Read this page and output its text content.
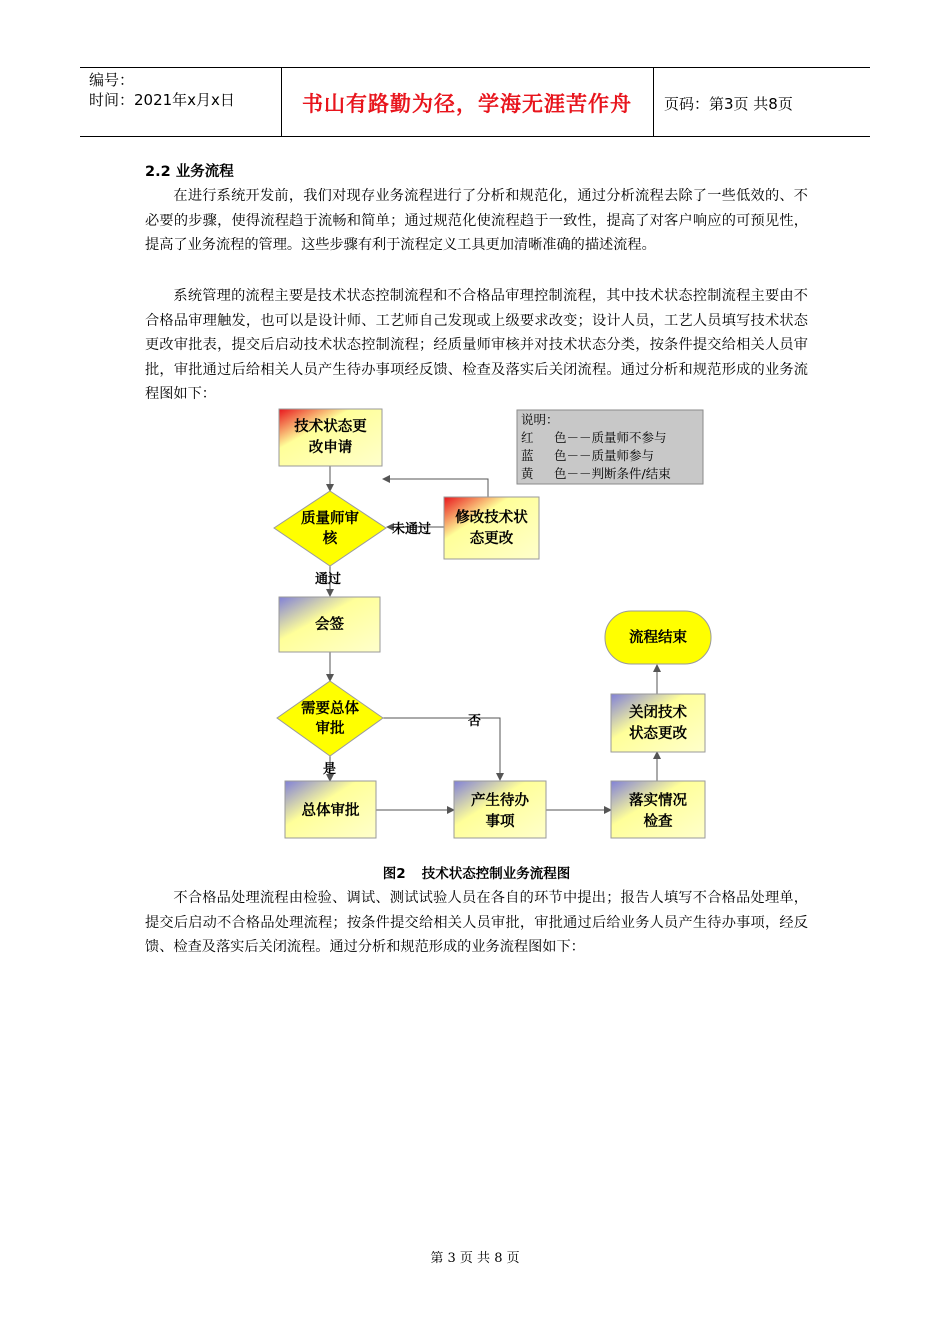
编号：
时间：2021年x月x日	书山有路勤为径，学海无涯苦作舟	页码：第3页 共8页
2.2 业务流程

在进行系统开发前，我们对现存业务流程进行了分析和规范化，通过分析流程去除了一些低效的、不必要的步骤，使得流程趋于流畅和简单；通过规范化使流程趋于一致性，提高了对客户响应的可预见性，提高了业务流程的管理。这些步骤有利于流程定义工具更加清晰准确的描述流程。

系统管理的流程主要是技术状态控制流程和不合格品审理控制流程，其中技术状态控制流程主要由不合格品审理触发，也可以是设计师、工艺师自己发现或上级要求改变；设计人员，工艺人员填写技术状态更改审批表，提交后启动技术状态控制流程；经质量师审核并对技术状态分类，按条件提交给相关人员审批，审批通过后给相关人员产生待办事项经反馈、检查及落实后关闭流程。通过分析和规范形成的业务流程图如下：

说明：
红 色－－质量师不参与
蓝 色－－质量师参与
黄 色－－判断条件/结束
未通过
通过
否
是
技术状态更
改申请
质量师审
核
修改技术状
态更改
会签
需要总体
审批
总体审批
产生待办
事项
落实情况
检查
关闭技术
状态更改
流程结束
图2 技术状态控制业务流程图

不合格品处理流程由检验、调试、测试试验人员在各自的环节中提出；报告人填写不合格品处理单，提交后启动不合格品处理流程；按条件提交给相关人员审批，审批通过后给业务人员产生待办事项，经反馈、检查及落实后关闭流程。通过分析和规范形成的业务流程图如下：

第 3 页 共 8 页
